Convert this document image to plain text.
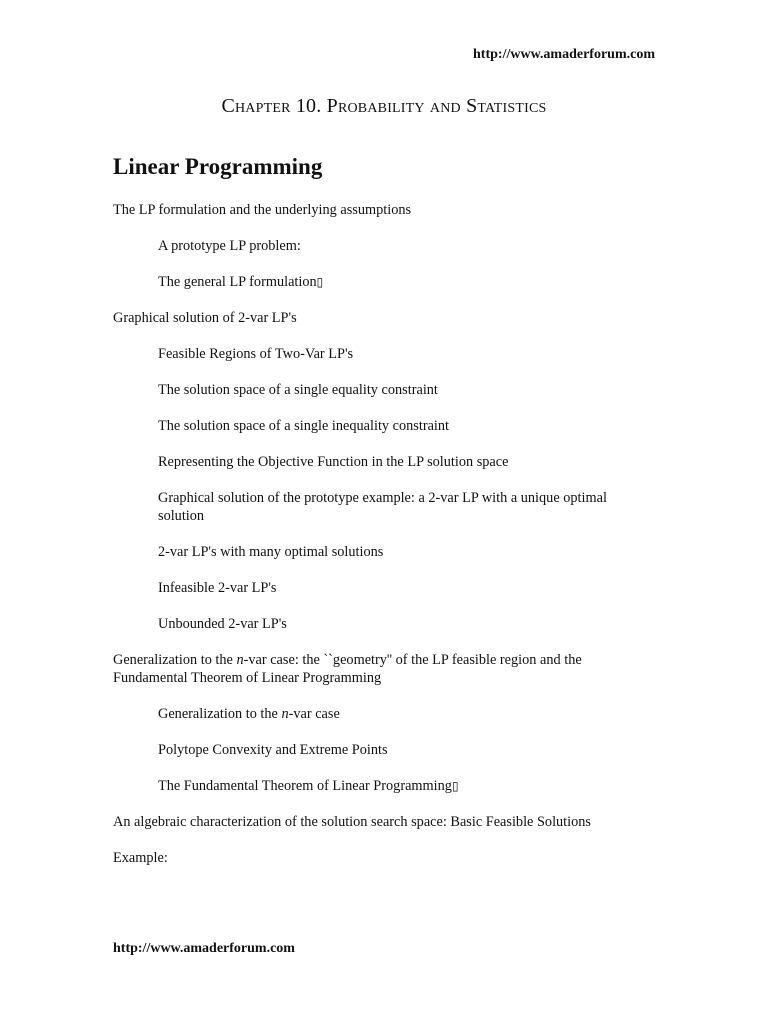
http://www.amaderforum.com
Chapter 10. Probability and Statistics
Linear Programming
The LP formulation and the underlying assumptions
A prototype LP problem:
The general LP formulation▯
Graphical solution of 2-var LP's
Feasible Regions of Two-Var LP's
The solution space of a single equality constraint
The solution space of a single inequality constraint
Representing the Objective Function in the LP solution space
Graphical solution of the prototype example: a 2-var LP with a unique optimal solution
2-var LP's with many optimal solutions
Infeasible 2-var LP's
Unbounded 2-var LP's
Generalization to the n-var case: the ``geometry'' of the LP feasible region and the Fundamental Theorem of Linear Programming
Generalization to the n-var case
Polytope Convexity and Extreme Points
The Fundamental Theorem of Linear Programming▯
An algebraic characterization of the solution search space: Basic Feasible Solutions
Example:
http://www.amaderforum.com
